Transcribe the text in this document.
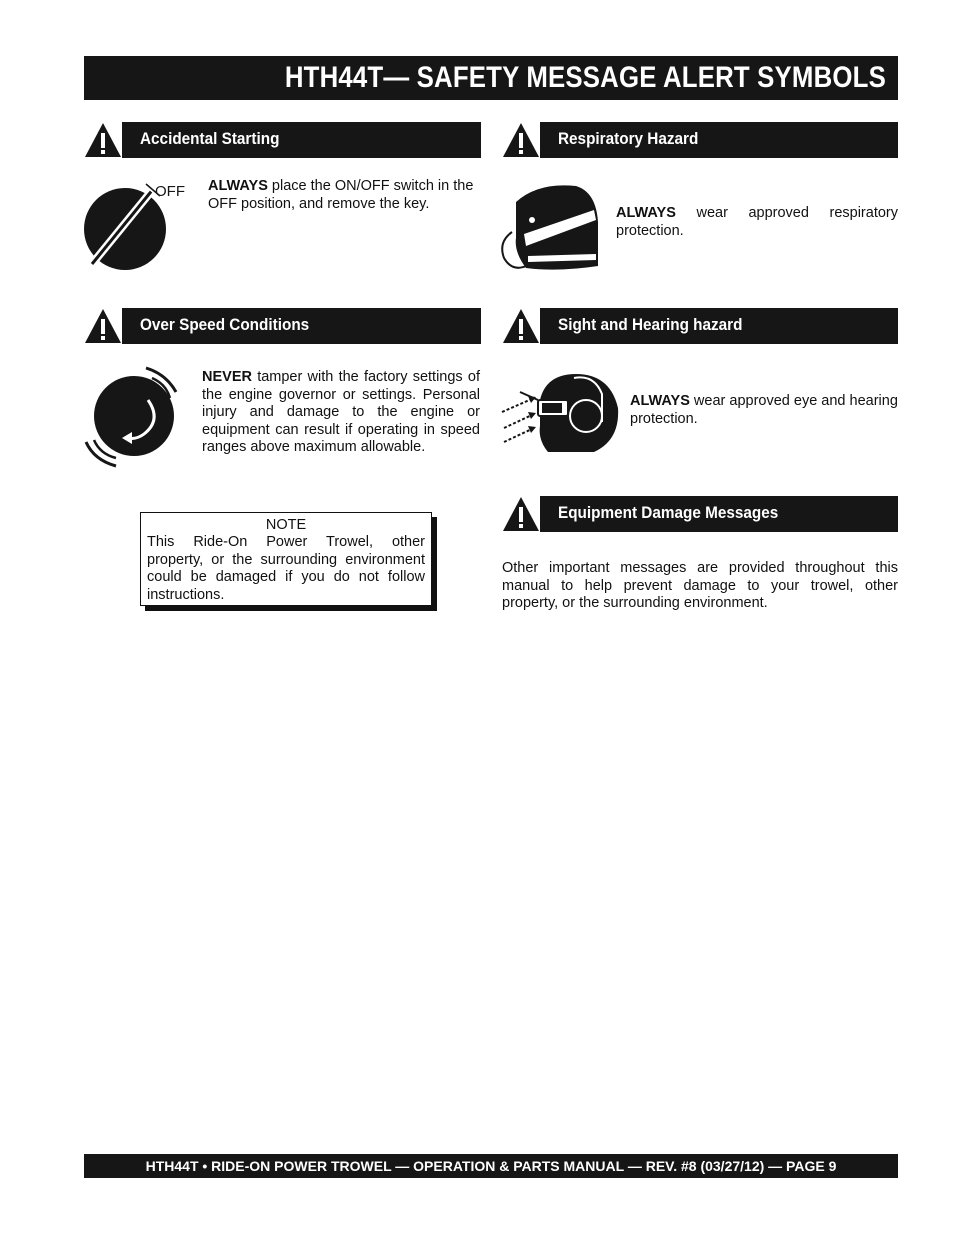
HTH44T— SAFETY MESSAGE ALERT SYMBOLS
Accidental Starting
OFF ALWAYS place the ON/OFF switch in the OFF position, and remove the key.
Respiratory Hazard
ALWAYS wear approved respiratory protection.
Over Speed Conditions
NEVER tamper with the factory settings of the engine governor or settings. Personal injury and damage to the engine or equipment can result if operating in speed ranges above maximum allowable.
Sight and Hearing hazard
ALWAYS wear approved eye and hearing protection.
NOTE
This Ride-On Power Trowel, other property, or the surrounding environment could be damaged if you do not follow instructions.
Equipment Damage Messages
Other important messages are provided throughout this manual to help prevent damage to your trowel, other property, or the surrounding environment.
HTH44T • RIDE-ON POWER TROWEL — OPERATION & PARTS MANUAL — REV. #8 (03/27/12) — PAGE 9
